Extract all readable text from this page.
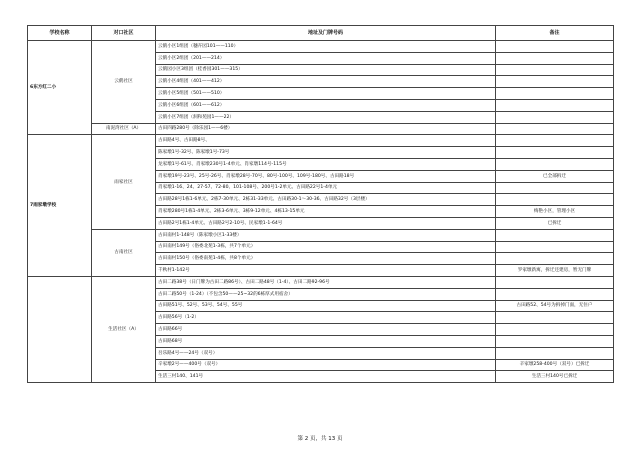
学校名称	对口社区	地址及门牌号码	备注
6东方红二小	云鹤社区	云鹤小区1组团（穗卉园101——110）	
		云鹤小区2组团（201——214）	
		云鹤园小区3组团（桂香园301——315）	
		云鹤小区4组团（401——412）	
		云鹤小区5组团（501——510）	
		云鹤小区6组团（601——612）	
		云鹤小区7组团（洞和苑园1——22）	
	南泥湾社区（A）	古田四路280号（除乐园1——6楼）	
7雨家墩学校	雨家社区	古田路4号、古田路8号、	
		陈家墩1号-32号、陈家墩1号-73号	
		龙家墩1号-61号、肖家墩230号1-4单元、肖家墩114号-115号	
		肖家墩19号-23号、25号-26号、肖家墩28号-70号、80号-100号、109号-180号、古田路18号	已全部拆迁
		肖家墩1-16、24、27-57、72-80、101-108号、200号1-2单元、古田路22号1-4单元	
		古田路28号1栋1-6单元、2栋7-30单元、2栋31-33单元、古田路30-1～30-36、古田路32号（3层楼）	
		肖家墩280号1栋1-4单元、2栋3-6单元、3栋9-12单元、4栋13-15单元	梅艳小区，管理小区
		古田路2号1栋1-4单元、古田路2号2-10号、民家墩1-1-64号	已拆迁
	古南社区	古田南村1-148号（陈家墩小区1-33楼）	
		古田南村149号（俗委北苑1-3栋，共7个单元）	
		古田南村150号（俗委南苑1-4栋，共8个单元）	
		千秋村1-142号	罗家墩新寓，拆迁还建房，暂无门牌
	生活社区（A）	古田二路38号（日门牌为古田二路86号）、古田二路48号（1-4）、古田二路92-96号	
		古田二路50号（1-24）（不包含50——25~32的6栋厚式用宿舍）	
		古田路51号、52号、53号、54号、55号	古田路52、54号为拆掉门面，无住户
		古田路56号（1-2）	
		古田路66号	
		古田路68号	
		吾乐路4号——24号（双号）	
		辛家墩2号——400号（双号）	辛家墩258-400号（双号）已拆迁
		生活三村140、141号	生活三村140号已拆迁
第 2 页，共 13 页
